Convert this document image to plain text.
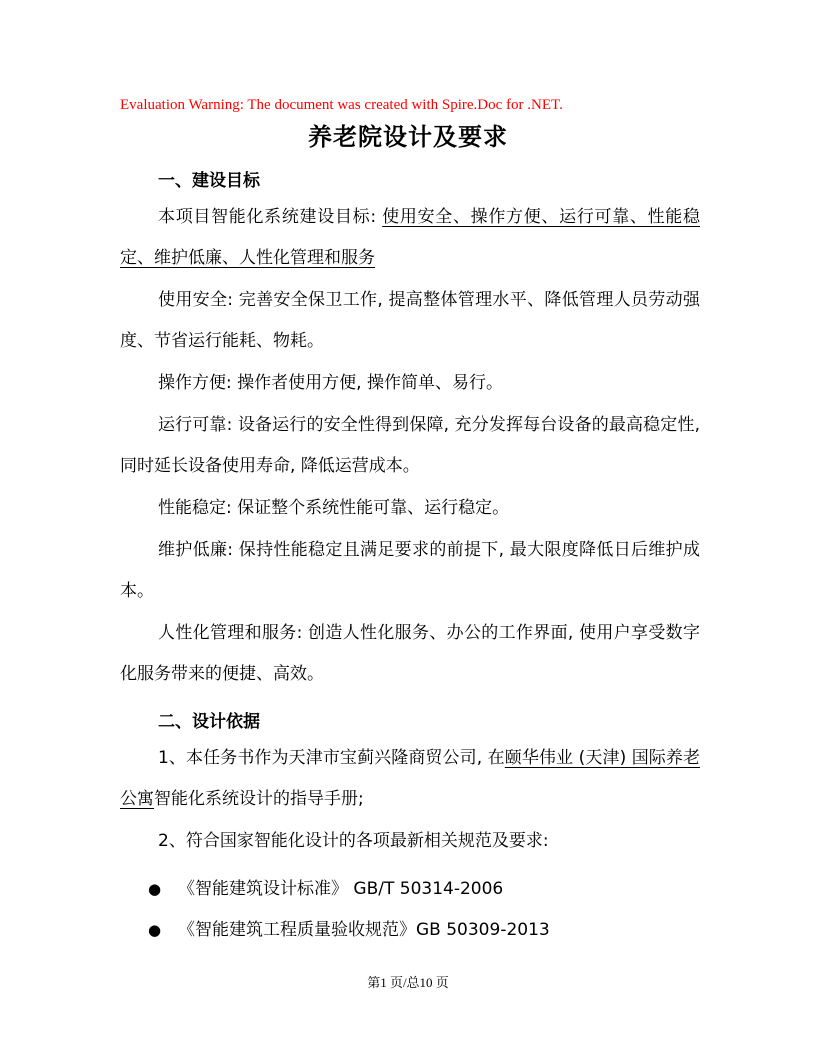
Evaluation Warning: The document was created with Spire.Doc for .NET.
养老院设计及要求
一、建设目标
本项目智能化系统建设目标: 使用安全、操作方便、运行可靠、性能稳定、维护低廉、人性化管理和服务
使用安全: 完善安全保卫工作, 提高整体管理水平、降低管理人员劳动强度、节省运行能耗、物耗。
操作方便: 操作者使用方便, 操作简单、易行。
运行可靠: 设备运行的安全性得到保障, 充分发挥每台设备的最高稳定性, 同时延长设备使用寿命, 降低运营成本。
性能稳定: 保证整个系统性能可靠、运行稳定。
维护低廉: 保持性能稳定且满足要求的前提下, 最大限度降低日后维护成本。
人性化管理和服务: 创造人性化服务、办公的工作界面, 使用户享受数字化服务带来的便捷、高效。
二、设计依据
1、本任务书作为天津市宝蓟兴隆商贸公司, 在颐华伟业 (天津) 国际养老公寓智能化系统设计的指导手册;
2、符合国家智能化设计的各项最新相关规范及要求:
● 《智能建筑设计标准》 GB/T 50314-2006
● 《智能建筑工程质量验收规范》GB 50309-2013
第1 页/总10 页
